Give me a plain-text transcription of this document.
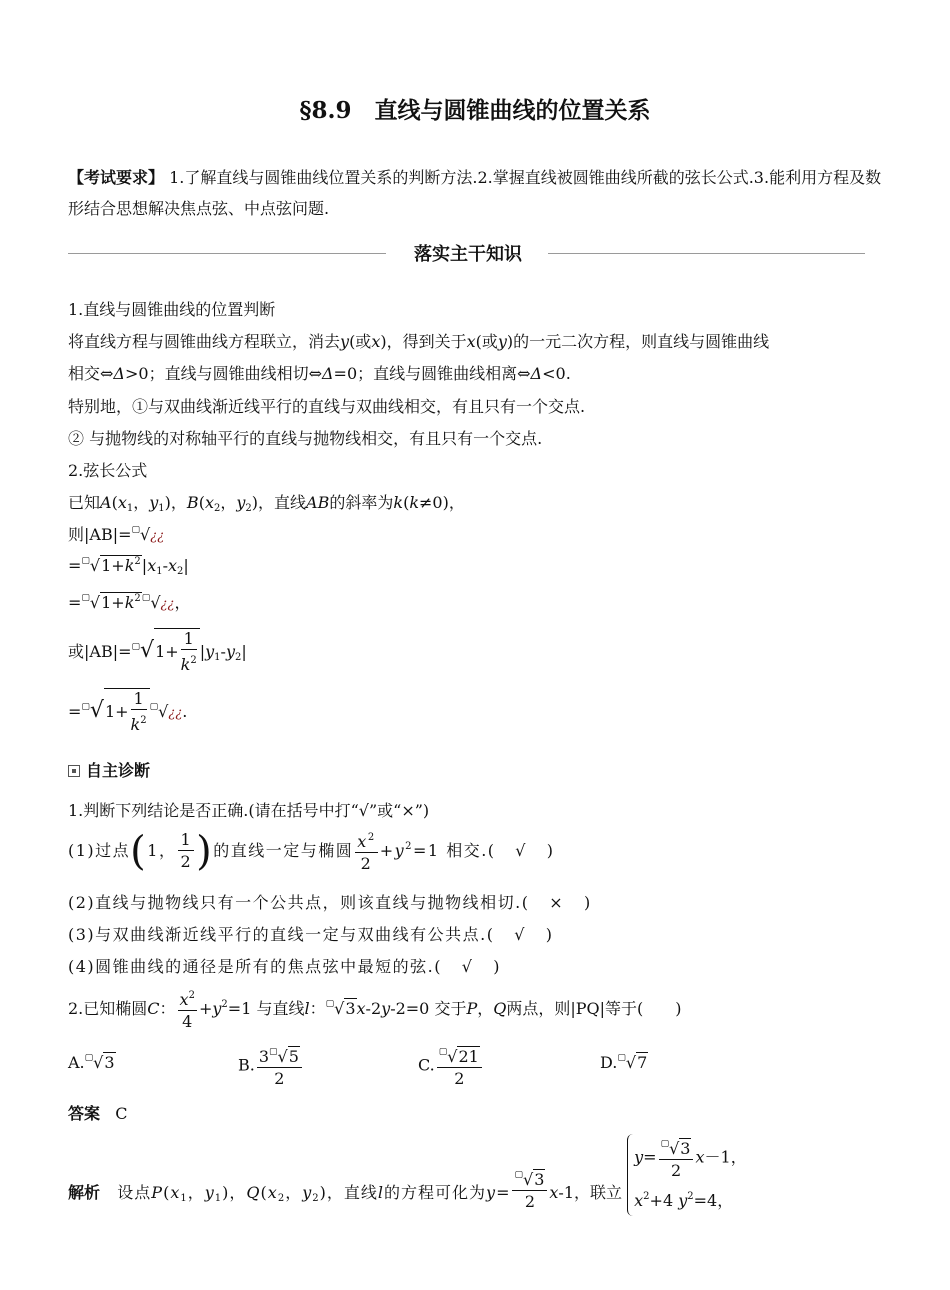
§8.9　直线与圆锥曲线的位置关系
【考试要求】 1.了解直线与圆锥曲线位置关系的判断方法.2.掌握直线被圆锥曲线所截的弦长公式.3.能利用方程及数形结合思想解决焦点弦、中点弦问题.
落实主干知识
1.直线与圆锥曲线的位置判断
将直线方程与圆锥曲线方程联立，消去y(或x)，得到关于x(或y)的一元二次方程，则直线与圆锥曲线
相交⇔Δ>0；直线与圆锥曲线相切⇔Δ=0；直线与圆锥曲线相离⇔Δ<0.
特别地，①与双曲线渐近线平行的直线与双曲线相交，有且只有一个交点.
② 与抛物线的对称轴平行的直线与抛物线相交，有且只有一个交点.
2.弦长公式
已知$A(x_1$，$y_1$)，$B(x_2$，$y_2$)，直线AB的斜率为k(k≠0)，
则|AB|=▢√¿¿
$=^▢√1+k^2|x_1-x_2|$
$=^▢√1+k^{2▢}√¿¿$，
或$|AB|=^▢√1+ \frac{1}{k^2} |y_1-y_2|$
$=^▢√1+ \frac{1}{k^2}$ ▢√¿¿.
自主诊断
1.判断下列结论是否正确.(请在括号中打“√”或“×”)
(1)过点(1， $\frac{1}{2}$ )的直线一定与椭圆 $\frac{x^2}{2} +y^2=1$ 相交.( √ )
(2)直线与抛物线只有一个公共点，则该直线与抛物线相切.( × )
(3)与双曲线渐近线平行的直线一定与双曲线有公共点.( √ )
(4)圆锥曲线的通径是所有的焦点弦中最短的弦.( √ )
2.已知椭圆C： $\frac{x^2}{4} +y^2=1$ 与直线l：▢√3x-2y-2=0 交于P，Q两点，则|PQ|等于(　　)
A.▢√3	B. $\frac{3^▢√5}{2}$	C. $\frac{^▢√21}{2}$	D.▢√7
答案 C
解析 设点$P(x_1$，$y_1$)，$Q(x_2$，$y_2$)，直线l的方程可化为$y= \frac{^▢√3}{2} x-1$，联立
$y= \frac{^▢√3}{2} x-1$，
$x^2+4$ $y^2=4$，
